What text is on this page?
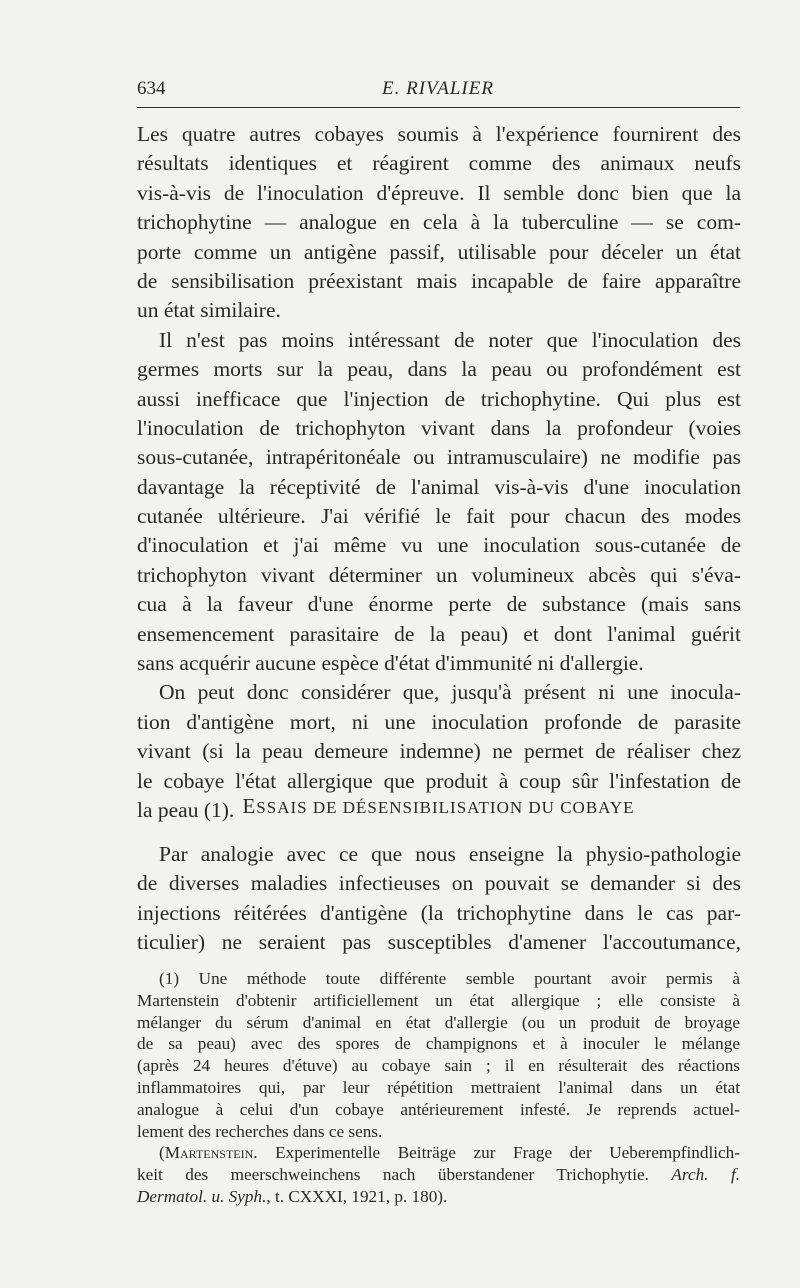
634	E. RIVALIER
Les quatre autres cobayes soumis à l'expérience fournirent des
résultats identiques et réagirent comme des animaux neufs
vis-à-vis de l'inoculation d'épreuve. Il semble donc bien que la
trichophytine — analogue en cela à la tuberculine — se com-
porte comme un antigène passif, utilisable pour déceler un état
de sensibilisation préexistant mais incapable de faire apparaître
un état similaire.
Il n'est pas moins intéressant de noter que l'inoculation des
germes morts sur la peau, dans la peau ou profondément est
aussi inefficace que l'injection de trichophytine. Qui plus est
l'inoculation de trichophyton vivant dans la profondeur (voies
sous-cutanée, intrapéritonéale ou intramusculaire) ne modifie pas
davantage la réceptivité de l'animal vis-à-vis d'une inoculation
cutanée ultérieure. J'ai vérifié le fait pour chacun des modes
d'inoculation et j'ai même vu une inoculation sous-cutanée de
trichophyton vivant déterminer un volumineux abcès qui s'éva-
cua à la faveur d'une énorme perte de substance (mais sans
ensemencement parasitaire de la peau) et dont l'animal guérit
sans acquérir aucune espèce d'état d'immunité ni d'allergie.
On peut donc considérer que, jusqu'à présent ni une inocula-
tion d'antigène mort, ni une inoculation profonde de parasite
vivant (si la peau demeure indemne) ne permet de réaliser chez
le cobaye l'état allergique que produit à coup sûr l'infestation de
la peau (1). ESSAIS DE DÉSENSIBILISATION DU COBAYE
Par analogie avec ce que nous enseigne la physio-pathologie
de diverses maladies infectieuses on pouvait se demander si des
injections réitérées d'antigène (la trichophytine dans le cas par-
ticulier) ne seraient pas susceptibles d'amener l'accoutumance,
(1) Une méthode toute différente semble pourtant avoir permis à
Martenstein d'obtenir artificiellement un état allergique ; elle consiste à
mélanger du sérum d'animal en état d'allergie (ou un produit de broyage
de sa peau) avec des spores de champignons et à inoculer le mélange
(après 24 heures d'étuve) au cobaye sain ; il en résulterait des réactions
inflammatoires qui, par leur répétition mettraient l'animal dans un état
analogue à celui d'un cobaye antérieurement infesté. Je reprends actuel-
lement des recherches dans ce sens.
(Martenstein. Experimentelle Beiträge zur Frage der Ueberempfindlich-
keit des meerschweinchens nach überstandener Trichophytie. Arch. f.
Dermatol. u. Syph., t. CXXXI, 1921, p. 180).
